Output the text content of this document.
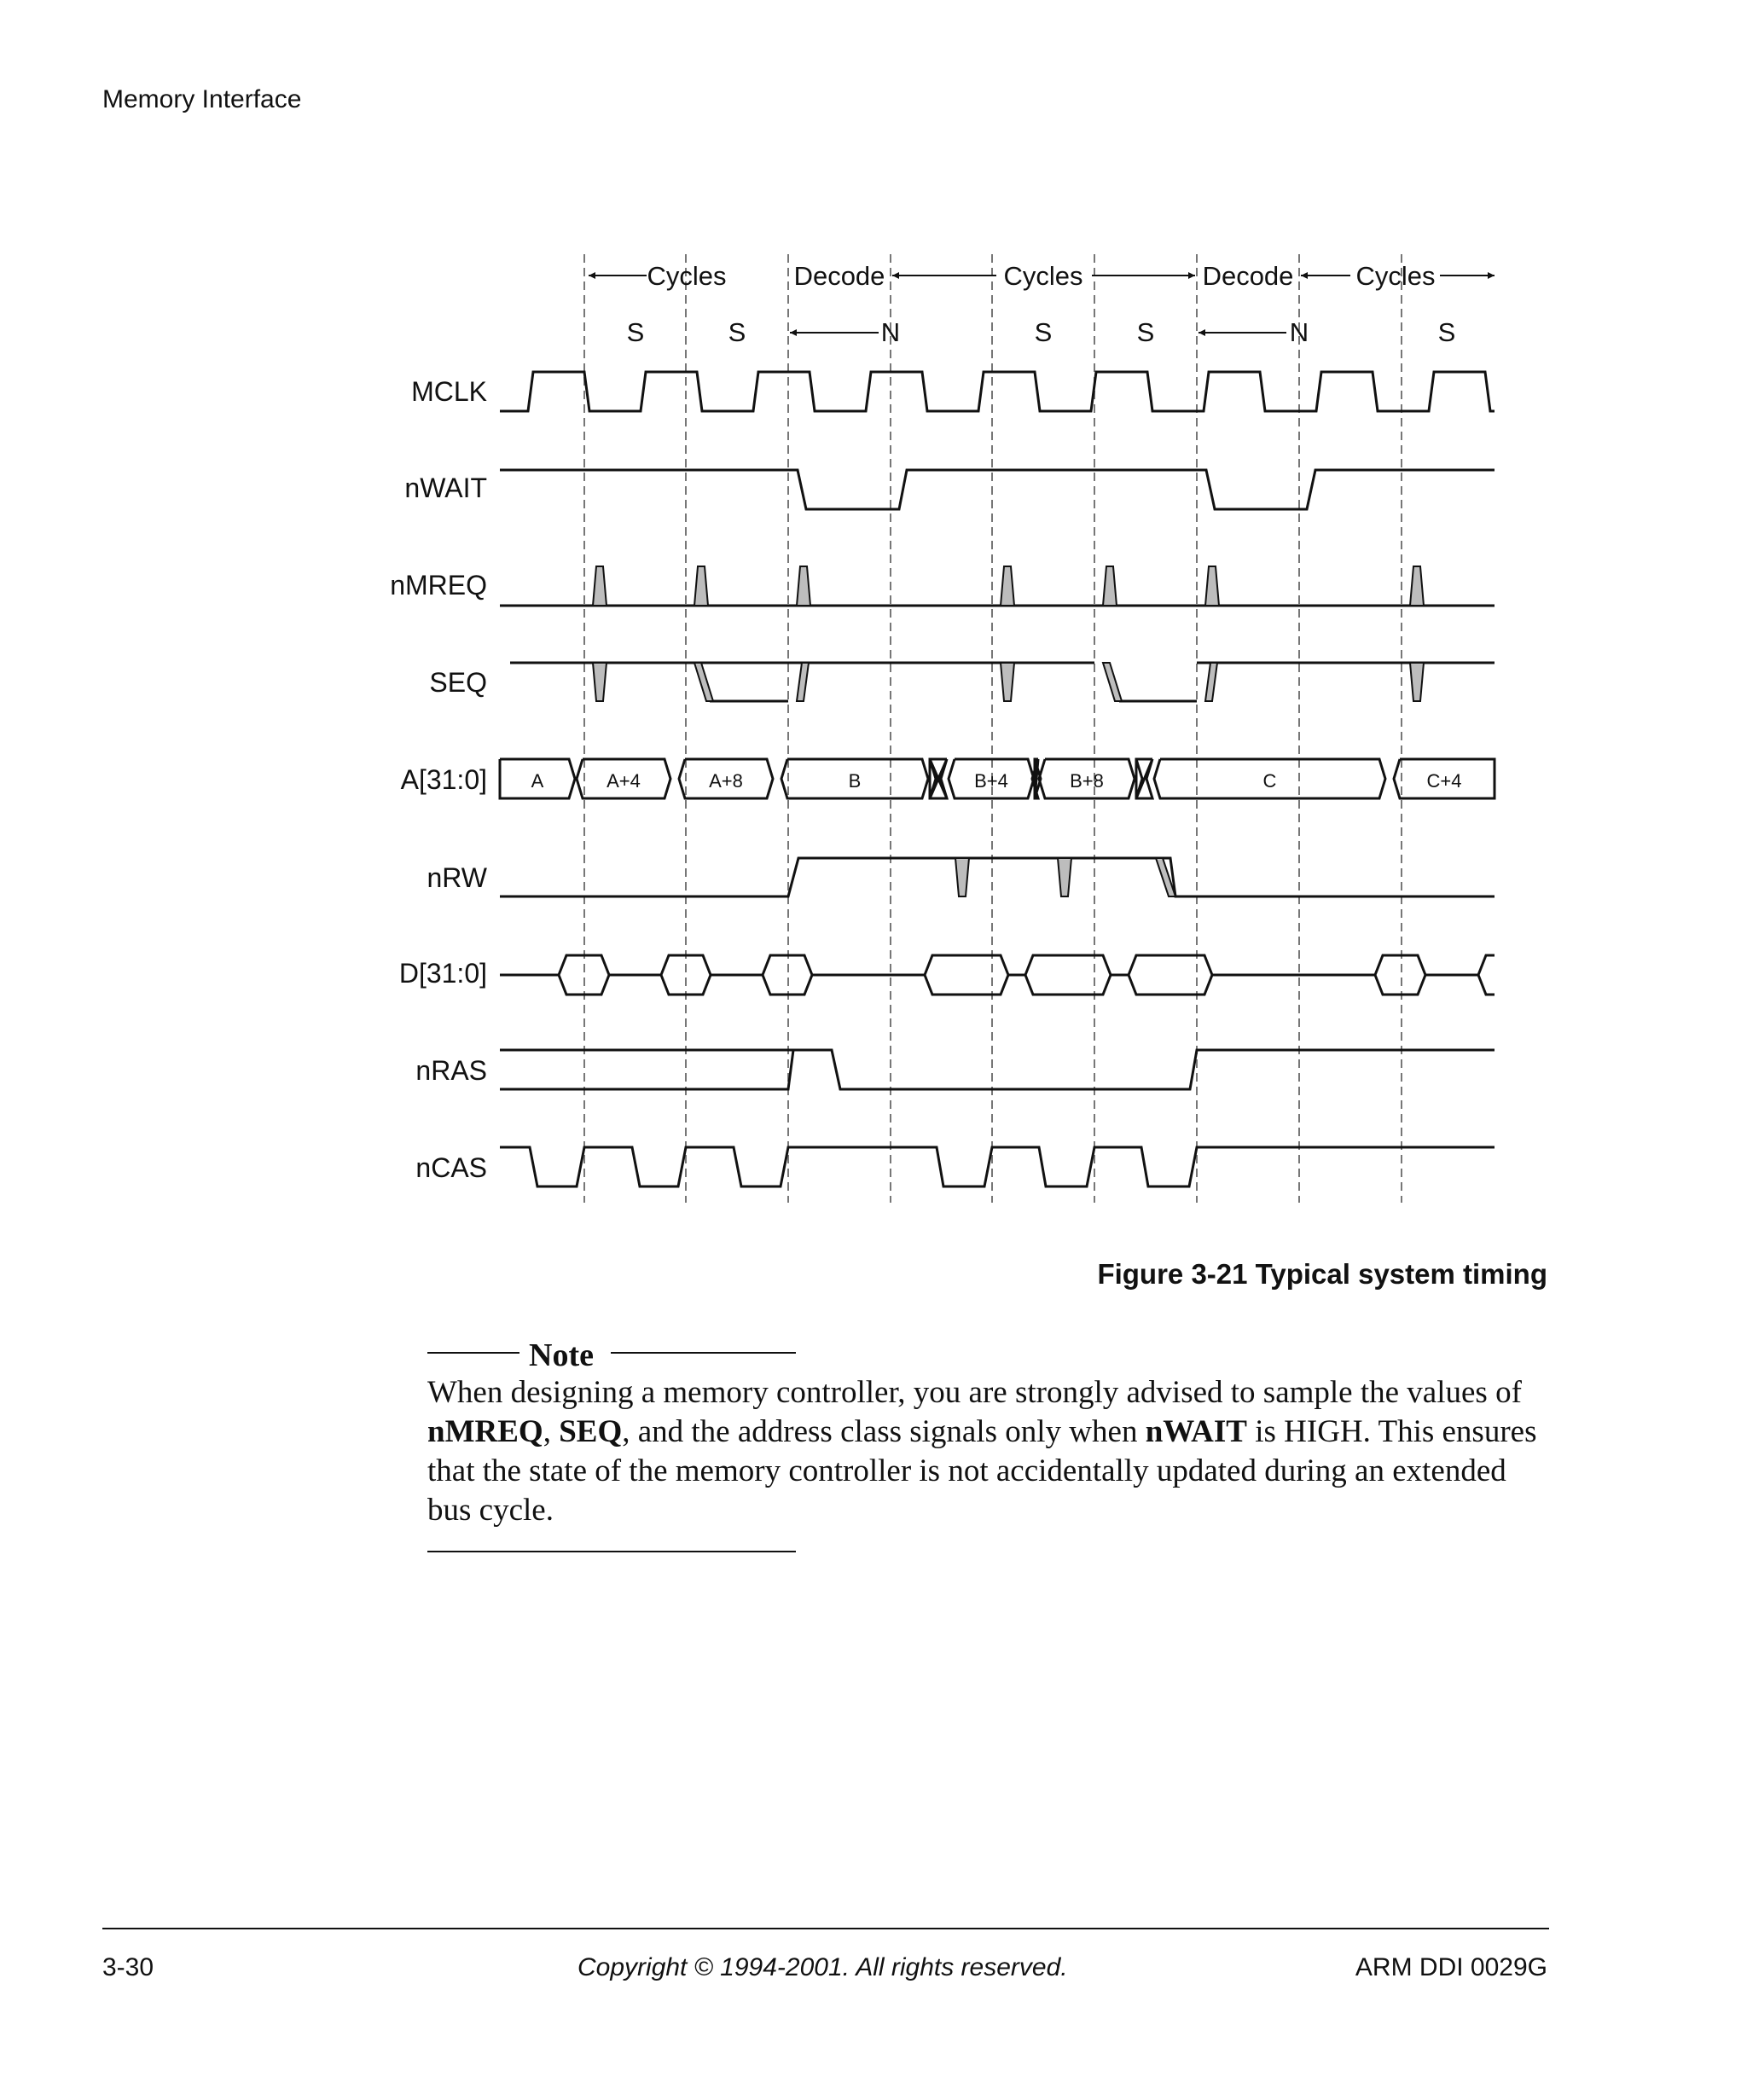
Memory Interface
Cycles	Decode	Cycles	Decode Cycles
S	S	N	S	S	N	S
MCLK
nWAIT
nMREQ
SEQ
A[31:0]
nRW
D[31:0]
nRAS
nCAS
A	A+4	A+8	B	B+4	B+8	C	C+4
Figure 3-21 Typical system timing
Note
When designing a memory controller, you are strongly advised to sample the values of nMREQ, SEQ, and the address class signals only when nWAIT is HIGH. This ensures that the state of the memory controller is not accidentally updated during an extended bus cycle.
3-30	Copyright © 1994-2001. All rights reserved.	ARM DDI 0029G
